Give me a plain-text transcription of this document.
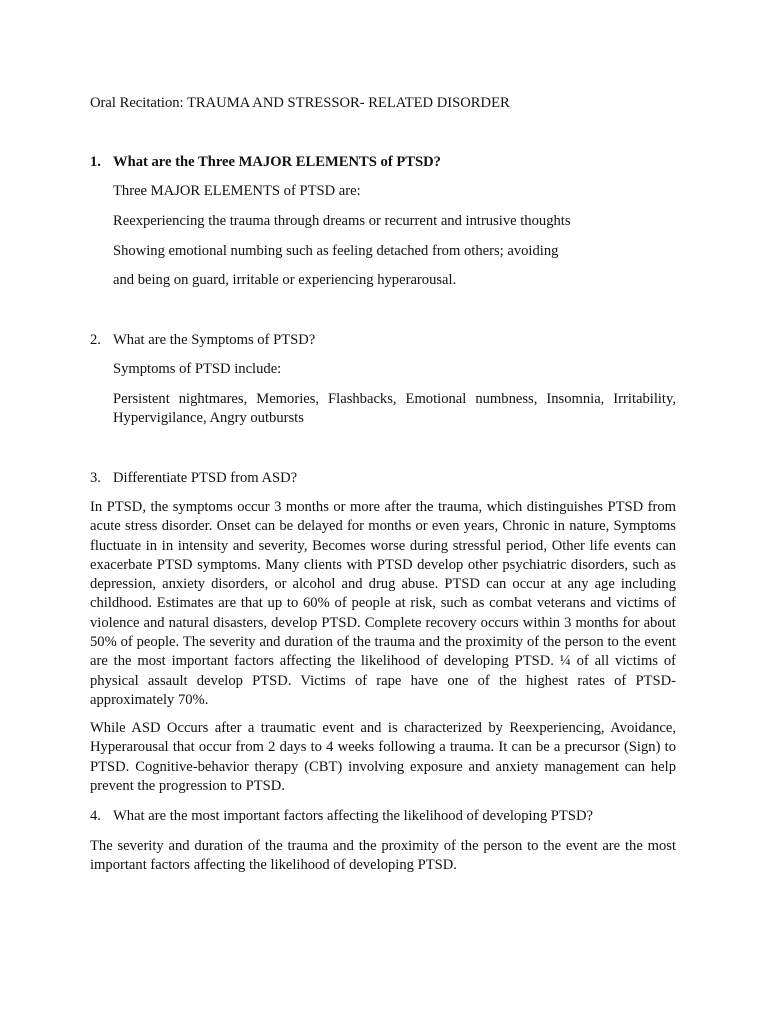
Oral Recitation: TRAUMA AND STRESSOR- RELATED DISORDER
1. What are the Three MAJOR ELEMENTS of PTSD?
Three MAJOR ELEMENTS of PTSD are:
Reexperiencing the trauma through dreams or recurrent and intrusive thoughts
Showing emotional numbing such as feeling detached from others; avoiding
and being on guard, irritable or experiencing hyperarousal.
2. What are the Symptoms of PTSD?
Symptoms of PTSD include:
Persistent nightmares, Memories, Flashbacks, Emotional numbness, Insomnia, Irritability, Hypervigilance, Angry outbursts
3. Differentiate PTSD from ASD?
In PTSD, the symptoms occur 3 months or more after the trauma, which distinguishes PTSD from acute stress disorder. Onset can be delayed for months or even years, Chronic in nature, Symptoms fluctuate in in intensity and severity, Becomes worse during stressful period, Other life events can exacerbate PTSD symptoms. Many clients with PTSD develop other psychiatric disorders, such as depression, anxiety disorders, or alcohol and drug abuse. PTSD can occur at any age including childhood. Estimates are that up to 60% of people at risk, such as combat veterans and victims of violence and natural disasters, develop PTSD. Complete recovery occurs within 3 months for about 50% of people. The severity and duration of the trauma and the proximity of the person to the event are the most important factors affecting the likelihood of developing PTSD. ¼ of all victims of physical assault develop PTSD. Victims of rape have one of the highest rates of PTSD- approximately 70%.
While ASD Occurs after a traumatic event and is characterized by Reexperiencing, Avoidance, Hyperarousal that occur from 2 days to 4 weeks following a trauma. It can be a precursor (Sign) to PTSD. Cognitive-behavior therapy (CBT) involving exposure and anxiety management can help prevent the progression to PTSD.
4. What are the most important factors affecting the likelihood of developing PTSD?
The severity and duration of the trauma and the proximity of the person to the event are the most important factors affecting the likelihood of developing PTSD.
